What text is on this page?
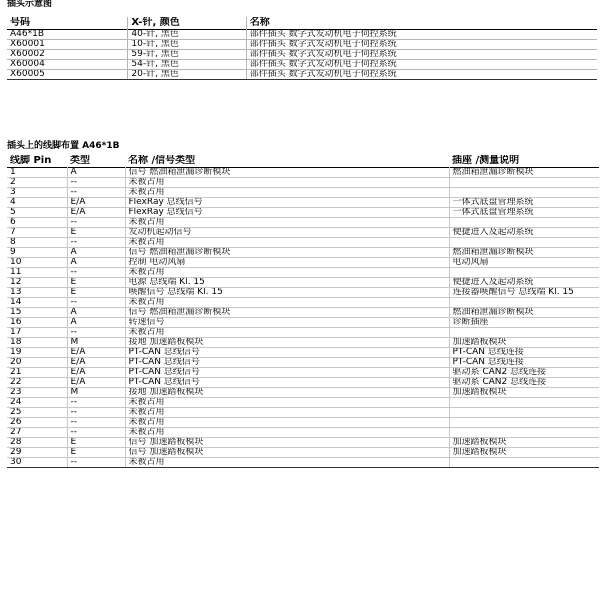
插头示意图
号码	X-针, 颜色	名称
A46*1B	40-针, 黑色	部件插头 数字式发动机电子伺控系统
X60001	10-针, 黑色	部件插头 数字式发动机电子伺控系统
X60002	59-针, 黑色	部件插头 数字式发动机电子伺控系统
X60004	54-针, 黑色	部件插头 数字式发动机电子伺控系统
X60005	20-针, 黑色	部件插头 数字式发动机电子伺控系统
插头上的线脚布置 A46*1B
线脚 Pin	类型	名称 /信号类型	插座 /测量说明
1	A	信号 燃油箱泄漏诊断模块	燃油箱泄漏诊断模块
2	--	未被占用	
3	--	未被占用	
4	E/A	FlexRay 总线信号	一体式底盘管理系统
5	E/A	FlexRay 总线信号	一体式底盘管理系统
6	--	未被占用	
7	E	发动机起动信号	便捷进入及起动系统
8	--	未被占用	
9	A	信号 燃油箱泄漏诊断模块	燃油箱泄漏诊断模块
10	A	控制 电动风扇	电动风扇
11	--	未被占用	
12	E	电源 总线端 Kl. 15	便捷进入及起动系统
13	E	唤醒信号 总线端 Kl. 15	连接器唤醒信号 总线端 Kl. 15
14	--	未被占用	
15	A	信号 燃油箱泄漏诊断模块	燃油箱泄漏诊断模块
16	A	转速信号	诊断插座
17	--	未被占用	
18	M	接地 加速踏板模块	加速踏板模块
19	E/A	PT-CAN 总线信号	PT-CAN 总线连接
20	E/A	PT-CAN 总线信号	PT-CAN 总线连接
21	E/A	PT-CAN 总线信号	驱动系 CAN2 总线连接
22	E/A	PT-CAN 总线信号	驱动系 CAN2 总线连接
23	M	接地 加速踏板模块	加速踏板模块
24	--	未被占用	
25	--	未被占用	
26	--	未被占用	
27	--	未被占用	
28	E	信号 加速踏板模块	加速踏板模块
29	E	信号 加速踏板模块	加速踏板模块
30	--	未被占用	
